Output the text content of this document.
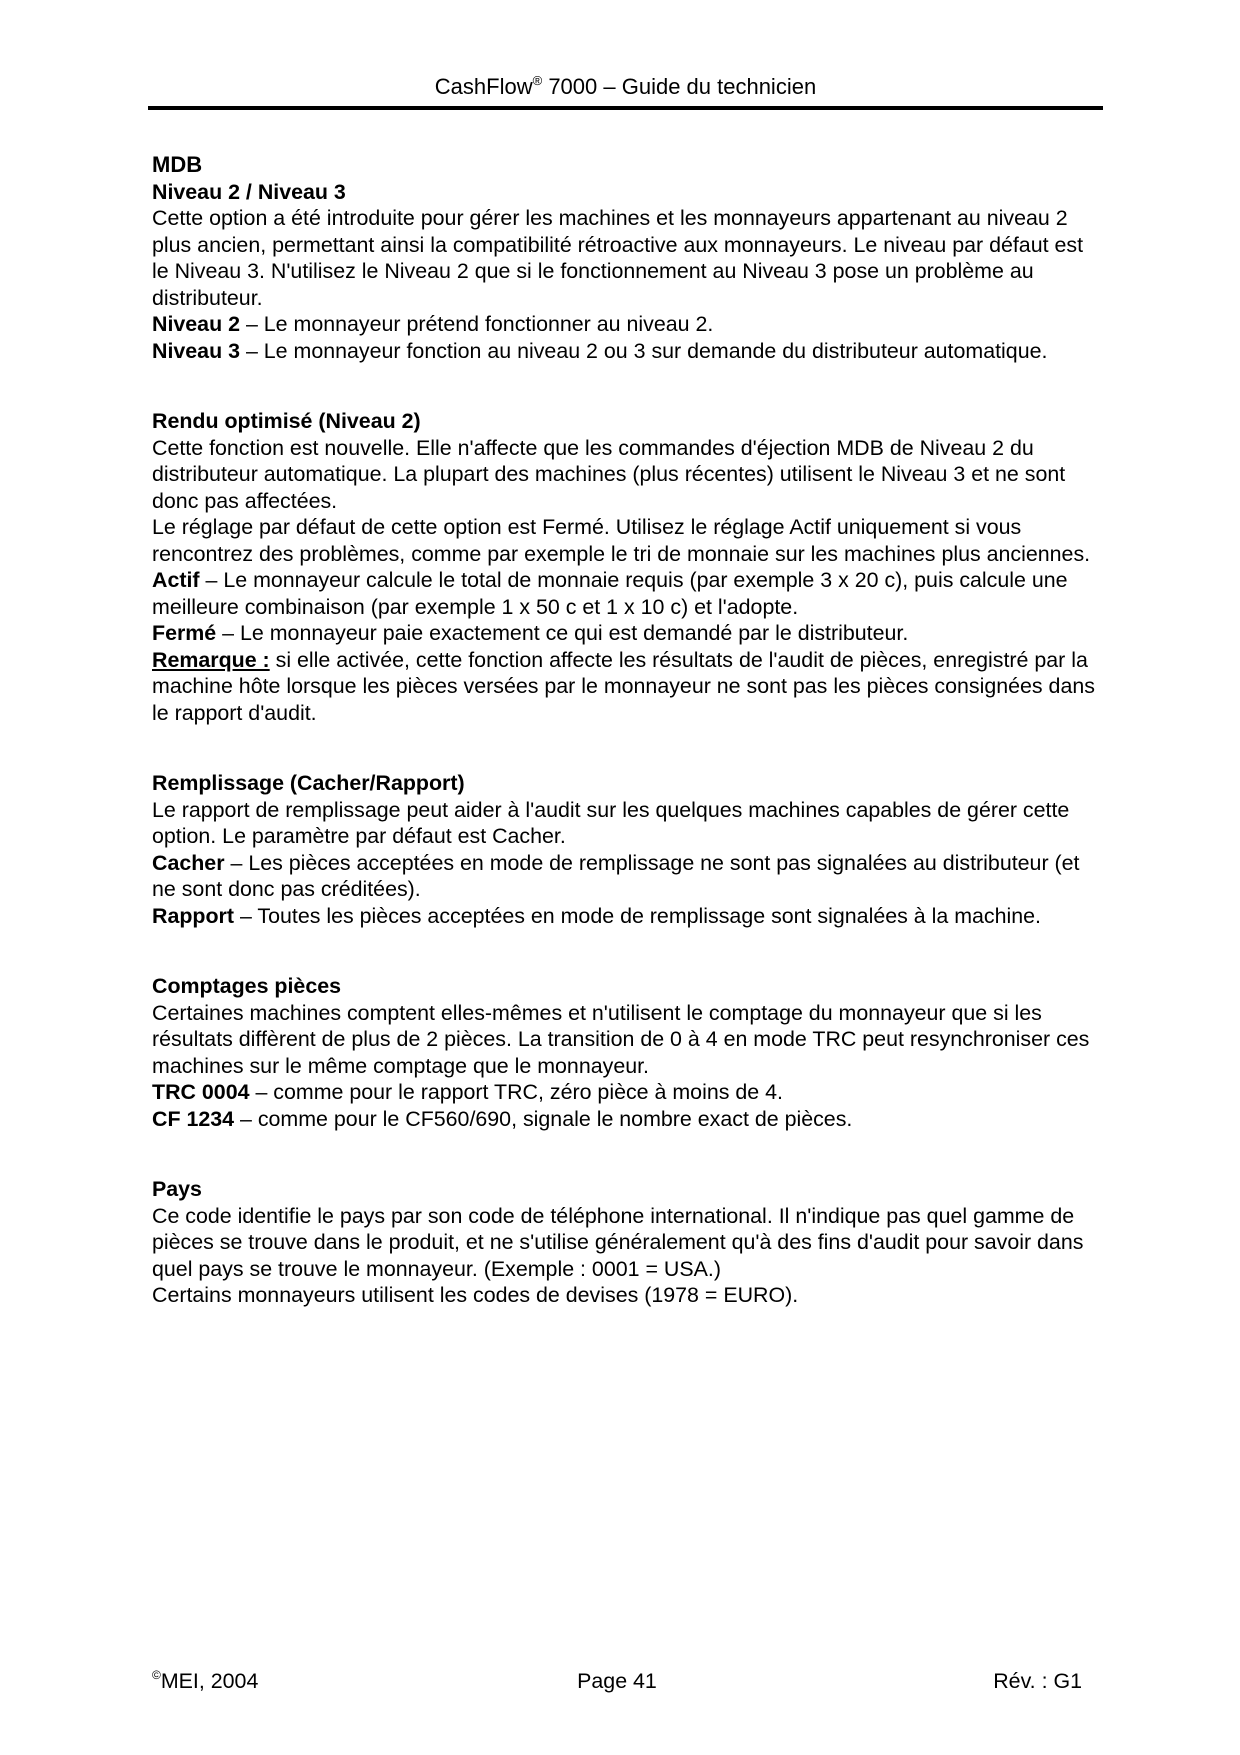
CashFlow® 7000 – Guide du technicien

MDB

Niveau 2 / Niveau 3

Cette option a été introduite pour gérer les machines et les monnayeurs appartenant au niveau 2 plus ancien, permettant ainsi la compatibilité rétroactive aux monnayeurs. Le niveau par défaut est le Niveau 3. N'utilisez le Niveau 2 que si le fonctionnement au Niveau 3 pose un problème au distributeur.

Niveau 2 – Le monnayeur prétend fonctionner au niveau 2.

Niveau 3 – Le monnayeur fonction au niveau 2 ou 3 sur demande du distributeur automatique.

Rendu optimisé (Niveau 2)

Cette fonction est nouvelle. Elle n'affecte que les commandes d'éjection MDB de Niveau 2 du distributeur automatique. La plupart des machines (plus récentes) utilisent le Niveau 3 et ne sont donc pas affectées.

Le réglage par défaut de cette option est Fermé. Utilisez le réglage Actif uniquement si vous rencontrez des problèmes, comme par exemple le tri de monnaie sur les machines plus anciennes.

Actif – Le monnayeur calcule le total de monnaie requis (par exemple 3 x 20 c), puis calcule une meilleure combinaison (par exemple 1 x 50 c et 1 x 10 c) et l'adopte.

Fermé – Le monnayeur paie exactement ce qui est demandé par le distributeur.

Remarque : si elle activée, cette fonction affecte les résultats de l'audit de pièces, enregistré par la machine hôte lorsque les pièces versées par le monnayeur ne sont pas les pièces consignées dans le rapport d'audit.

Remplissage (Cacher/Rapport)

Le rapport de remplissage peut aider à l'audit sur les quelques machines capables de gérer cette option. Le paramètre par défaut est Cacher.

Cacher – Les pièces acceptées en mode de remplissage ne sont pas signalées au distributeur (et ne sont donc pas créditées).

Rapport – Toutes les pièces acceptées en mode de remplissage sont signalées à la machine.

Comptages pièces

Certaines machines comptent elles-mêmes et n'utilisent le comptage du monnayeur que si les résultats diffèrent de plus de 2 pièces. La transition de 0 à 4 en mode TRC peut resynchroniser ces machines sur le même comptage que le monnayeur.

TRC 0004 – comme pour le rapport TRC, zéro pièce à moins de 4.

CF 1234 – comme pour le CF560/690, signale le nombre exact de pièces.

Pays

Ce code identifie le pays par son code de téléphone international. Il n'indique pas quel gamme de pièces se trouve dans le produit, et ne s'utilise généralement qu'à des fins d'audit pour savoir dans quel pays se trouve le monnayeur. (Exemple : 0001 = USA.)

Certains monnayeurs utilisent les codes de devises (1978 = EURO).

©MEI, 2004	Page 41	Rév. : G1
